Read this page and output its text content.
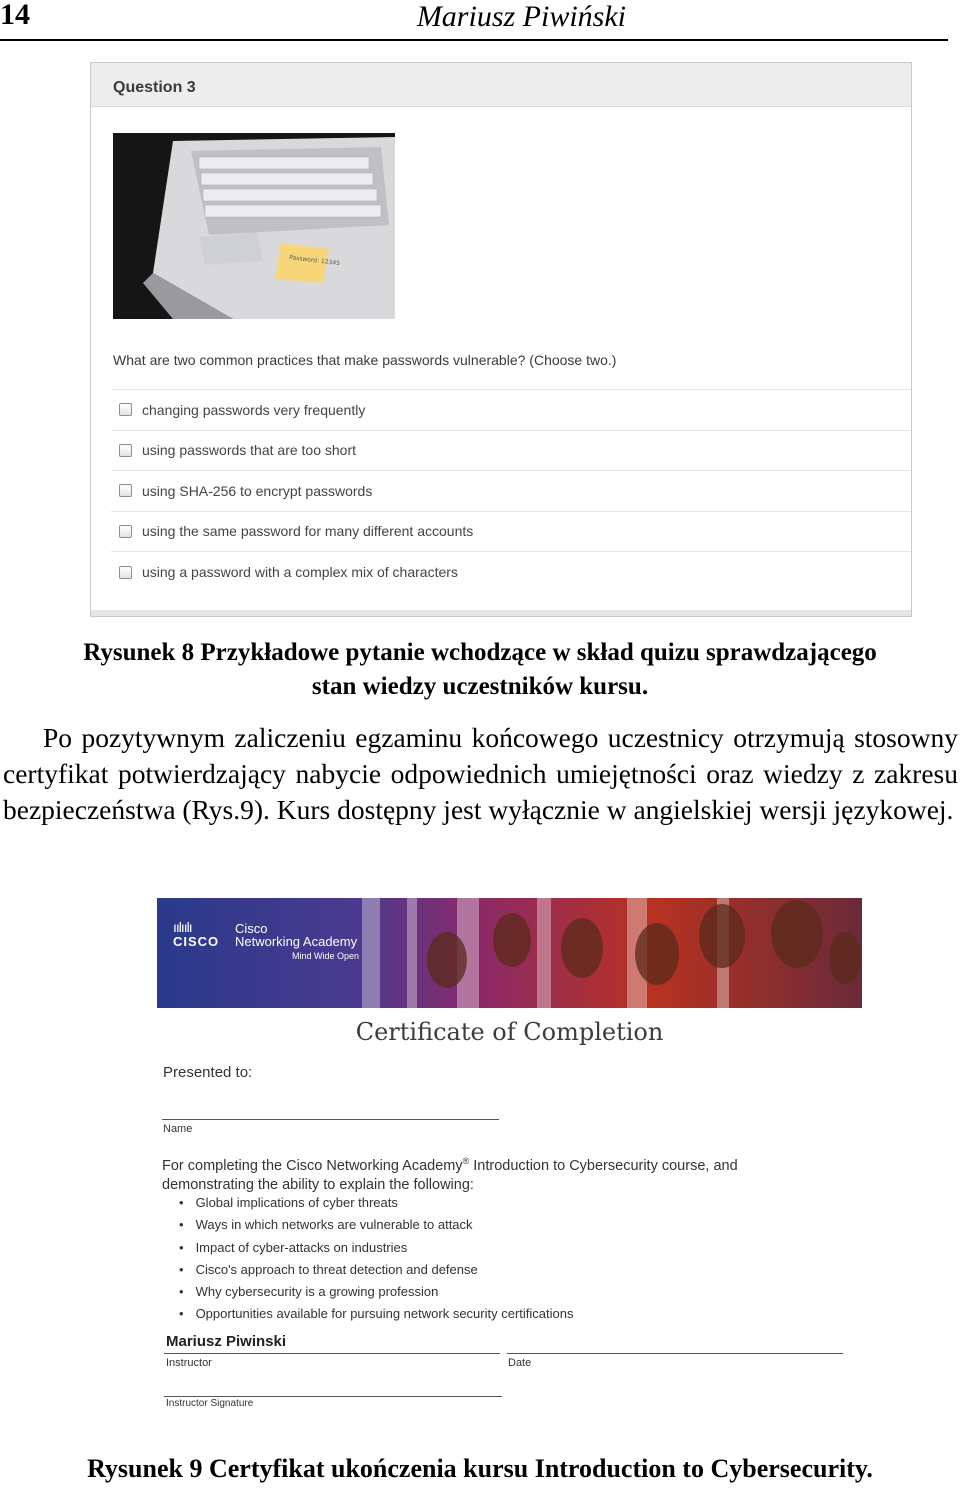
14	Mariusz Piwiński
Question 3
Password: 12345
What are two common practices that make passwords vulnerable? (Choose two.)
changing passwords very frequently
using passwords that are too short
using SHA-256 to encrypt passwords
using the same password for many different accounts
using a password with a complex mix of characters
Rysunek 8 Przykładowe pytanie wchodzące w skład quizu sprawdzającego
stan wiedzy uczestników kursu.

Po pozytywnym zaliczeniu egzaminu końcowego uczestnicy otrzymują stosowny certyfikat potwierdzający nabycie odpowiednich umiejętności oraz wiedzy z zakresu bezpieczeństwa (Rys.9). Kurs dostępny jest wyłącznie w angielskiej wersji językowej.

ıılıılı
CISCO
Cisco
Networking Academy
Mind Wide Open
Certificate of Completion
Presented to:
Name
For completing the Cisco Networking Academy® Introduction to Cybersecurity course, and demonstrating the ability to explain the following:
• Global implications of cyber threats
• Ways in which networks are vulnerable to attack
• Impact of cyber-attacks on industries
• Cisco's approach to threat detection and defense
• Why cybersecurity is a growing profession
• Opportunities available for pursuing network security certifications
Mariusz Piwinski
Instructor	Date
Instructor Signature
Rysunek 9 Certyfikat ukończenia kursu Introduction to Cybersecurity.
